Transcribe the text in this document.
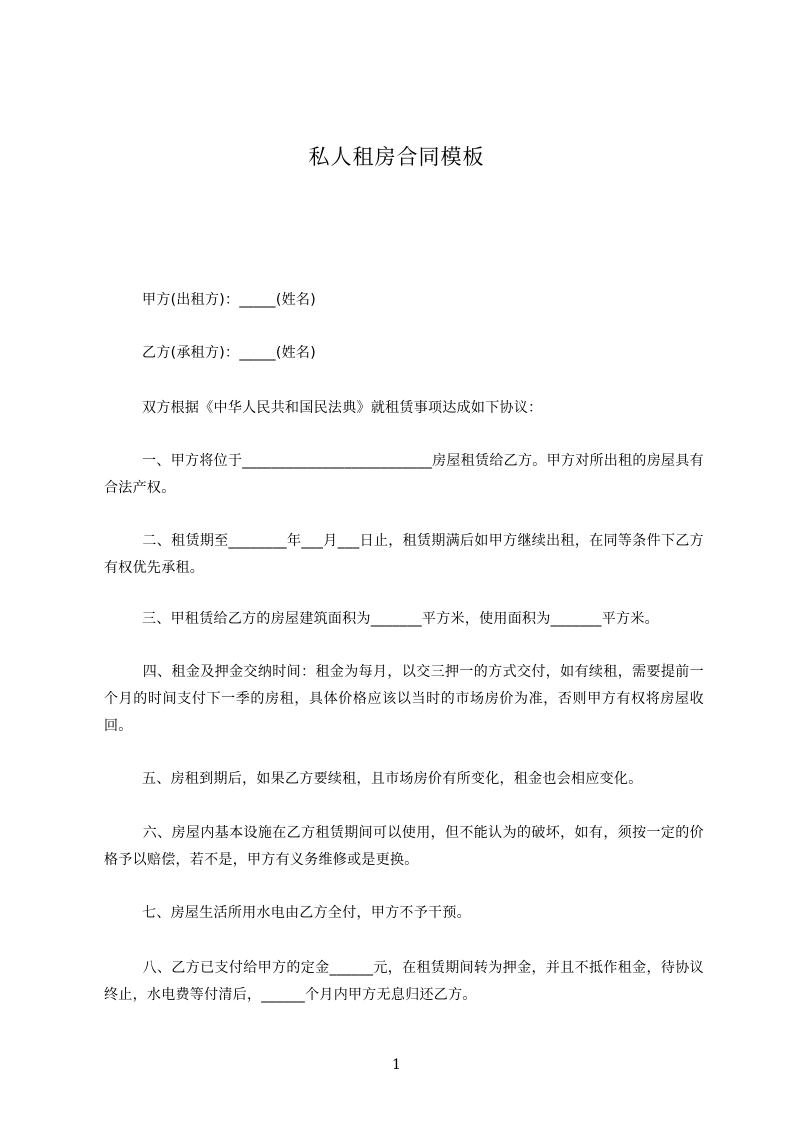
私人租房合同模板
甲方(出租方)：_____(姓名)
乙方(承租方)：_____(姓名)
双方根据《中华人民共和国民法典》就租赁事项达成如下协议：
一、甲方将位于__________________________房屋租赁给乙方。甲方对所出租的房屋具有合法产权。
二、租赁期至________年___月___日止，租赁期满后如甲方继续出租，在同等条件下乙方有权优先承租。
三、甲租赁给乙方的房屋建筑面积为_______平方米，使用面积为_______平方米。
四、租金及押金交纳时间：租金为每月，以交三押一的方式交付，如有续租，需要提前一个月的时间支付下一季的房租，具体价格应该以当时的市场房价为准，否则甲方有权将房屋收回。
五、房租到期后，如果乙方要续租，且市场房价有所变化，租金也会相应变化。
六、房屋内基本设施在乙方租赁期间可以使用，但不能认为的破坏，如有，须按一定的价格予以赔偿，若不是，甲方有义务维修或是更换。
七、房屋生活所用水电由乙方全付，甲方不予干预。
八、乙方已支付给甲方的定金______元，在租赁期间转为押金，并且不抵作租金，待协议终止，水电费等付清后，______个月内甲方无息归还乙方。
1
